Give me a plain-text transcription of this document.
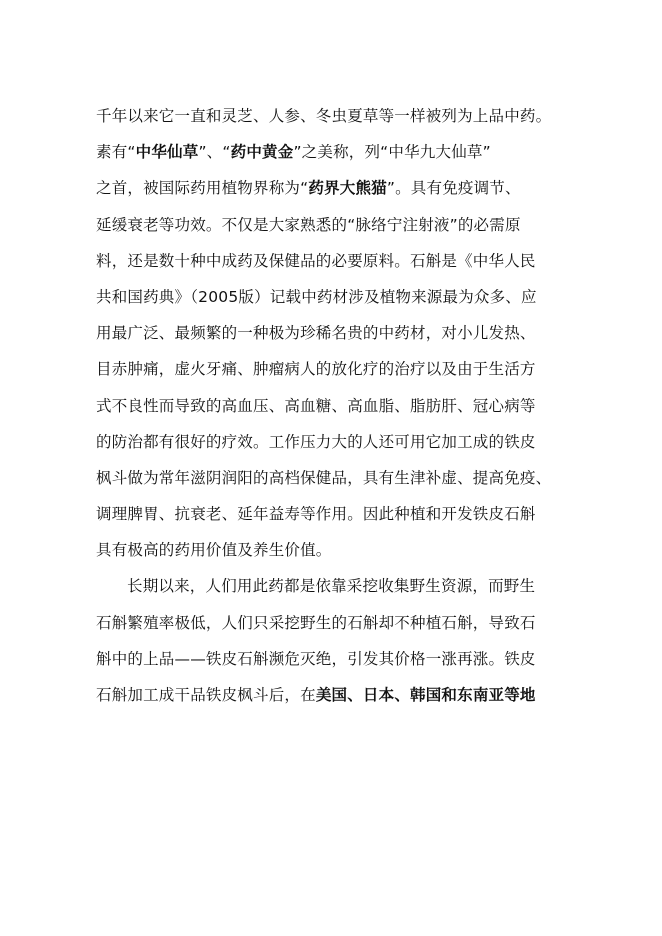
千年以来它一直和灵芝、人参、冬虫夏草等一样被列为上品中药。
素有“中华仙草”、“药中黄金”之美称，列“中华九大仙草”
之首，被国际药用植物界称为“药界大熊猫”。具有免疫调节、
延缓衰老等功效。不仅是大家熟悉的“脉络宁注射液”的必需原
料，还是数十种中成药及保健品的必要原料。石斛是《中华人民
共和国药典》（2005版）记载中药材涉及植物来源最为众多、应
用最广泛、最频繁的一种极为珍稀名贵的中药材，对小儿发热、
目赤肿痛，虚火牙痛、肿瘤病人的放化疗的治疗以及由于生活方
式不良性而导致的高血压、高血糖、高血脂、脂肪肝、冠心病等
的防治都有很好的疗效。工作压力大的人还可用它加工成的铁皮
枫斗做为常年滋阴润阳的高档保健品，具有生津补虚、提高免疫、
调理脾胃、抗衰老、延年益寿等作用。因此种植和开发铁皮石斛
具有极高的药用价值及养生价值。
长期以来，人们用此药都是依靠采挖收集野生资源，而野生
石斛繁殖率极低，人们只采挖野生的石斛却不种植石斛，导致石
斛中的上品——铁皮石斛濒危灭绝，引发其价格一涨再涨。铁皮
石斛加工成干品铁皮枫斗后，在美国、日本、韩国和东南亚等地
